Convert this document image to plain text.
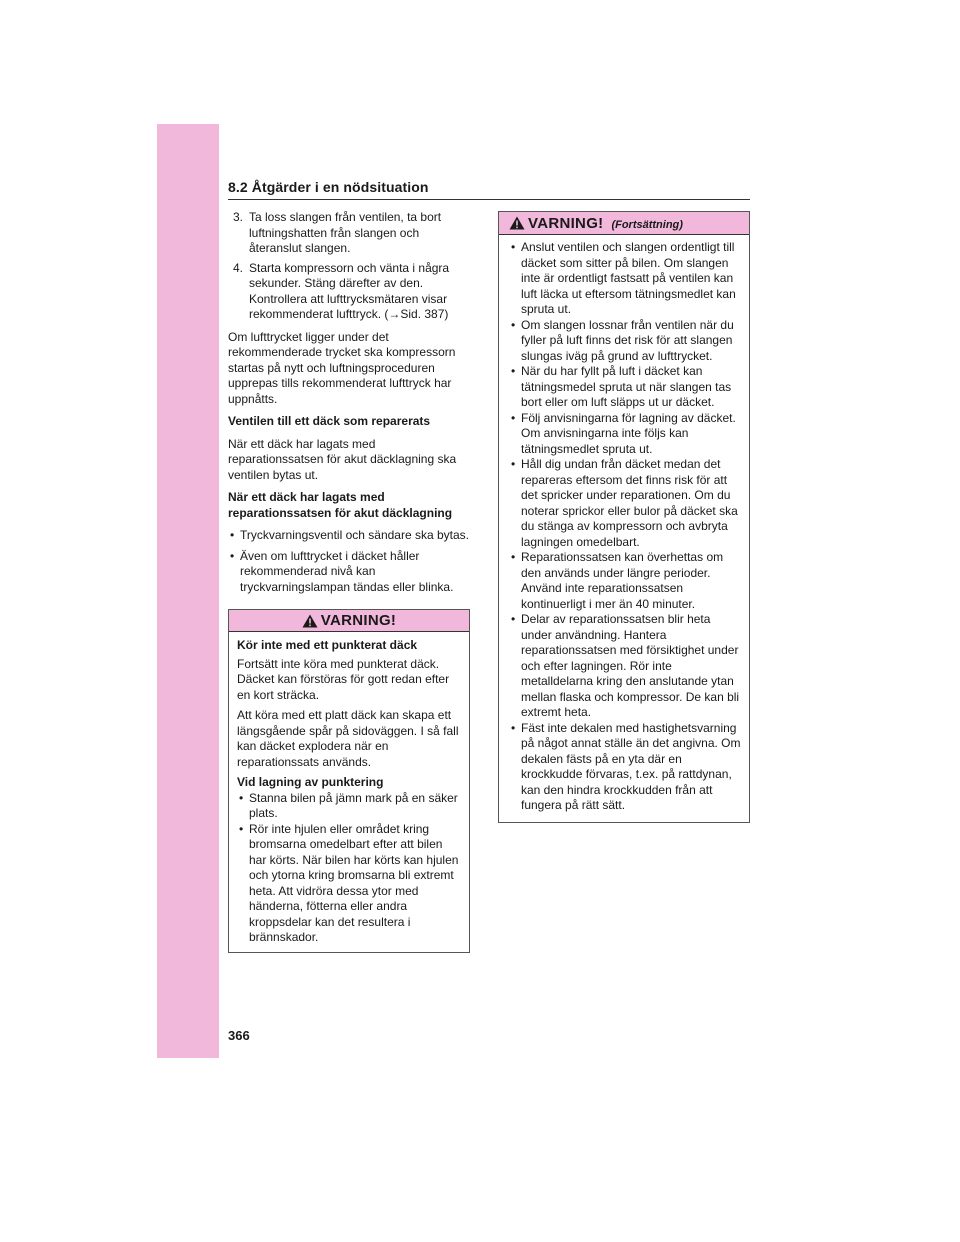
8.2 Åtgärder i en nödsituation
3. Ta loss slangen från ventilen, ta bort luftningshatten från slangen och återanslut slangen.
4. Starta kompressorn och vänta i några sekunder. Stäng därefter av den. Kontrollera att lufttrycksmätaren visar rekommenderat lufttryck. (→Sid. 387)

Om lufttrycket ligger under det rekommenderade trycket ska kompressorn startas på nytt och luftningsproceduren upprepas tills rekommenderat lufttryck har uppnåtts.

Ventilen till ett däck som reparerats

När ett däck har lagats med reparationssatsen för akut däcklagning ska ventilen bytas ut.

När ett däck har lagats med reparationssatsen för akut däcklagning

• Tryckvarningsventil och sändare ska bytas.
• Även om lufttrycket i däcket håller rekommenderad nivå kan tryckvarningslampan tändas eller blinka.
VARNING!

Kör inte med ett punkterat däck

Fortsätt inte köra med punkterat däck. Däcket kan förstöras för gott redan efter en kort sträcka.

Att köra med ett platt däck kan skapa ett längsgående spår på sidoväggen. I så fall kan däcket explodera när en reparationssats används.

Vid lagning av punktering

• Stanna bilen på jämn mark på en säker plats.
• Rör inte hjulen eller området kring bromsarna omedelbart efter att bilen har körts. När bilen har körts kan hjulen och ytorna kring bromsarna bli extremt heta. Att vidröra dessa ytor med händerna, fötterna eller andra kroppsdelar kan det resultera i brännskador.
VARNING! (Fortsättning)
• Anslut ventilen och slangen ordentligt till däcket som sitter på bilen. Om slangen inte är ordentligt fastsatt på ventilen kan luft läcka ut eftersom tätningsmedlet kan spruta ut.
• Om slangen lossnar från ventilen när du fyller på luft finns det risk för att slangen slungas iväg på grund av lufttrycket.
• När du har fyllt på luft i däcket kan tätningsmedel spruta ut när slangen tas bort eller om luft släpps ut ur däcket.
• Följ anvisningarna för lagning av däcket. Om anvisningarna inte följs kan tätningsmedlet spruta ut.
• Håll dig undan från däcket medan det repareras eftersom det finns risk för att det spricker under reparationen. Om du noterar sprickor eller bulor på däcket ska du stänga av kompressorn och avbryta lagningen omedelbart.
• Reparationssatsen kan överhettas om den används under längre perioder. Använd inte reparationssatsen kontinuerligt i mer än 40 minuter.
• Delar av reparationssatsen blir heta under användning. Hantera reparationssatsen med försiktighet under och efter lagningen. Rör inte metalldelarna kring den anslutande ytan mellan flaska och kompressor. De kan bli extremt heta.
• Fäst inte dekalen med hastighetsvarning på något annat ställe än det angivna. Om dekalen fästs på en yta där en krockkudde förvaras, t.ex. på rattdynan, kan den hindra krockkudden från att fungera på rätt sätt.
366
